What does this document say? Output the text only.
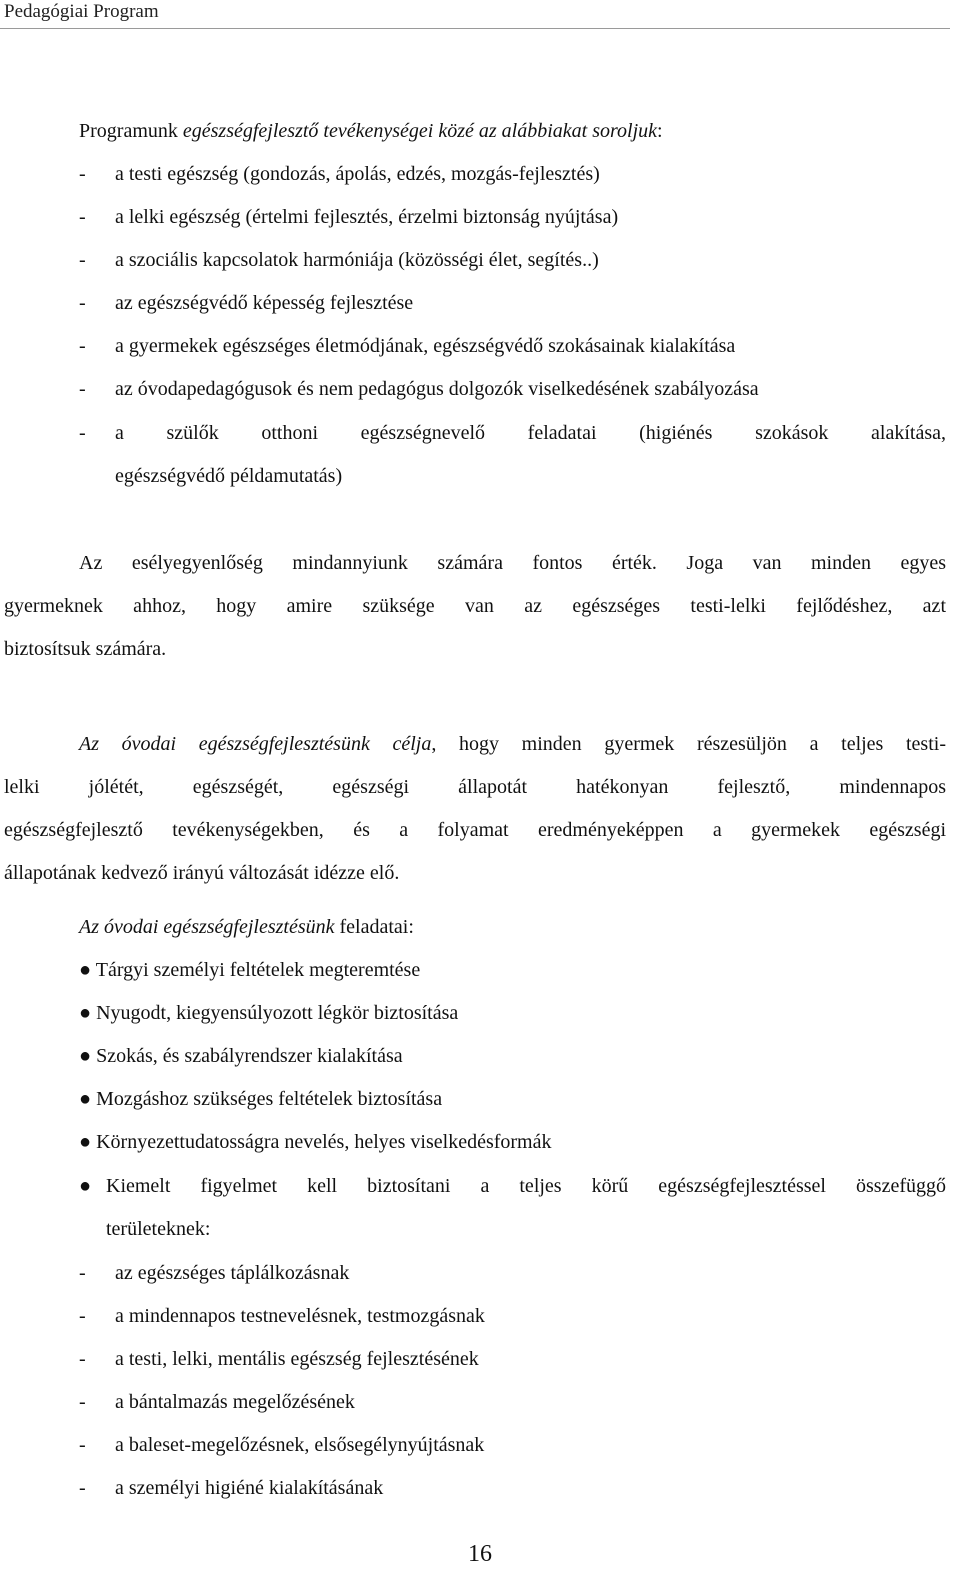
Pedagógiai Program
Programunk egészségfejlesztő tevékenységei közé az alábbiakat soroljuk:
- a testi egészség (gondozás, ápolás, edzés, mozgás-fejlesztés)
- a lelki egészség (értelmi fejlesztés, érzelmi biztonság nyújtása)
- a szociális kapcsolatok harmóniája (közösségi élet, segítés..)
- az egészségvédő képesség fejlesztése
- a gyermekek egészséges életmódjának, egészségvédő szokásainak kialakítása
- az óvodapedagógusok és nem pedagógus dolgozók viselkedésének szabályozása
- a szülők otthoni egészségnevelő feladatai (higiénés szokások alakítása,
egészségvédő példamutatás)
Az esélyegyenlőség mindannyiunk számára fontos érték. Joga van minden egyes
gyermeknek ahhoz, hogy amire szüksége van az egészséges testi-lelki fejlődéshez, azt
biztosítsuk számára.
Az óvodai egészségfejlesztésünk célja, hogy minden gyermek részesüljön a teljes testi-
lelki jólétét, egészségét, egészségi állapotát hatékonyan fejlesztő, mindennapos
egészségfejlesztő tevékenységekben, és a folyamat eredményeképpen a gyermekek egészségi
állapotának kedvező irányú változását idézze elő.
Az óvodai egészségfejlesztésünk feladatai:
● Tárgyi személyi feltételek megteremtése
● Nyugodt, kiegyensúlyozott légkör biztosítása
● Szokás, és szabályrendszer kialakítása
● Mozgáshoz szükséges feltételek biztosítása
● Környezettudatosságra nevelés, helyes viselkedésformák
● Kiemelt figyelmet kell biztosítani a teljes körű egészségfejlesztéssel összefüggő
területeknek:
- az egészséges táplálkozásnak
- a mindennapos testnevelésnek, testmozgásnak
- a testi, lelki, mentális egészség fejlesztésének
- a bántalmazás megelőzésének
- a baleset-megelőzésnek, elsősegélynyújtásnak
- a személyi higiéné kialakításának
16
